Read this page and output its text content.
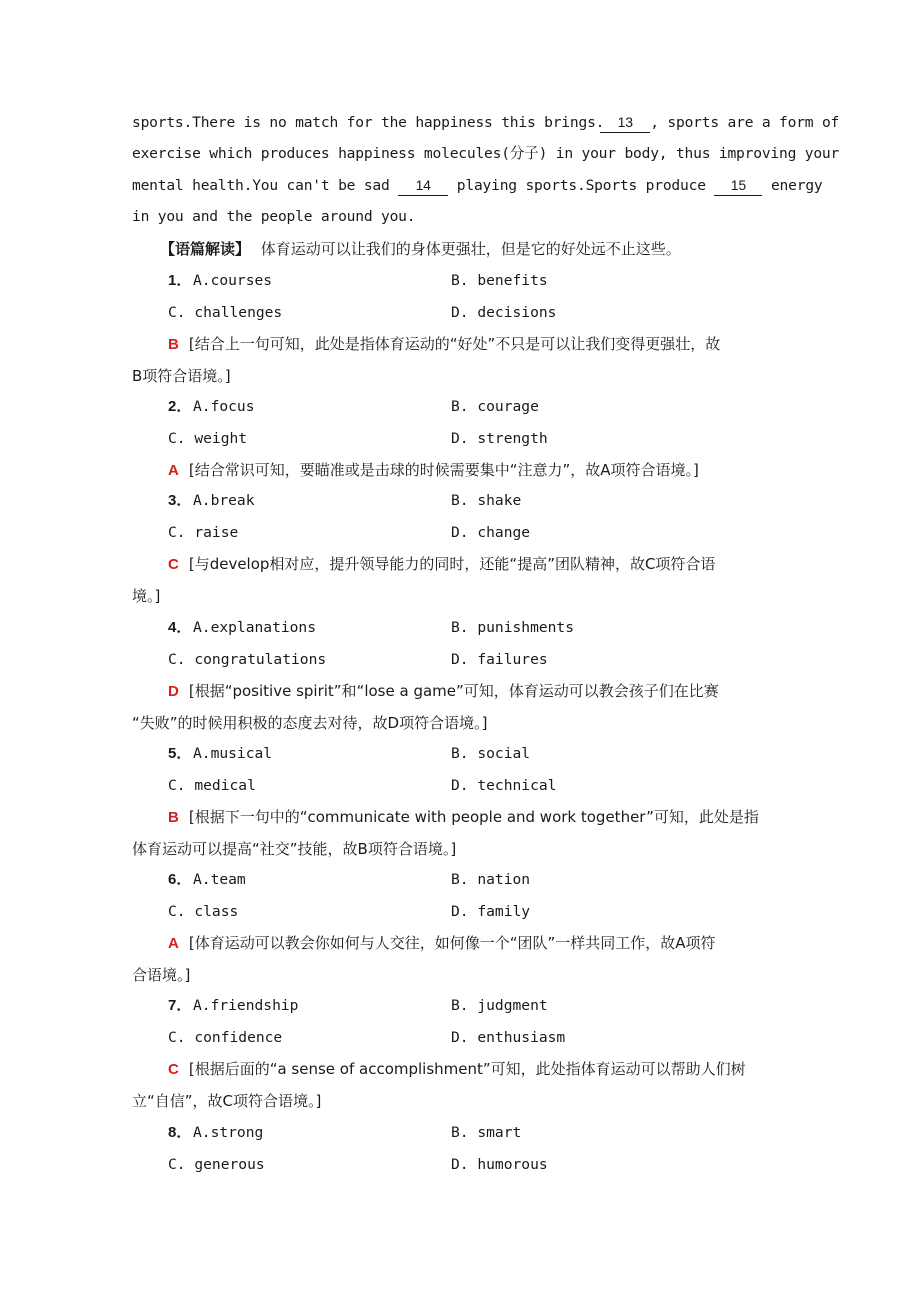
sports.There is no match for the happiness this brings. 13 , sports are a form of
exercise which produces happiness molecules(分子) in your body, thus improving your
mental health.You can't be sad 14 playing sports.Sports produce 15 energy
in you and the people around you.
【语篇解读】 体育运动可以让我们的身体更强壮，但是它的好处远不止这些。
1． A.courses	B. benefits
C. challenges	D. decisions
B [结合上一句可知，此处是指体育运动的“好处”不只是可以让我们变得更强壮，故
B项符合语境。]
2． A.focus	B. courage
C. weight	D. strength
A [结合常识可知，要瞄准或是击球的时候需要集中“注意力”，故A项符合语境。]
3． A.break	B. shake
C. raise	D. change
C [与develop相对应，提升领导能力的同时，还能“提高”团队精神，故C项符合语
境。]
4． A.explanations	B. punishments
C. congratulations	D. failures
D [根据“positive spirit”和“lose a game”可知，体育运动可以教会孩子们在比赛
“失败”的时候用积极的态度去对待，故D项符合语境。]
5． A.musical	B. social
C. medical	D. technical
B [根据下一句中的“communicate with people and work together”可知，此处是指
体育运动可以提高“社交”技能，故B项符合语境。]
6． A.team	B. nation
C. class	D. family
A [体育运动可以教会你如何与人交往，如何像一个“团队”一样共同工作，故A项符
合语境。]
7． A.friendship	B. judgment
C. confidence	D. enthusiasm
C [根据后面的“a sense of accomplishment”可知，此处指体育运动可以帮助人们树
立“自信”，故C项符合语境。]
8． A.strong	B. smart
C. generous	D. humorous
